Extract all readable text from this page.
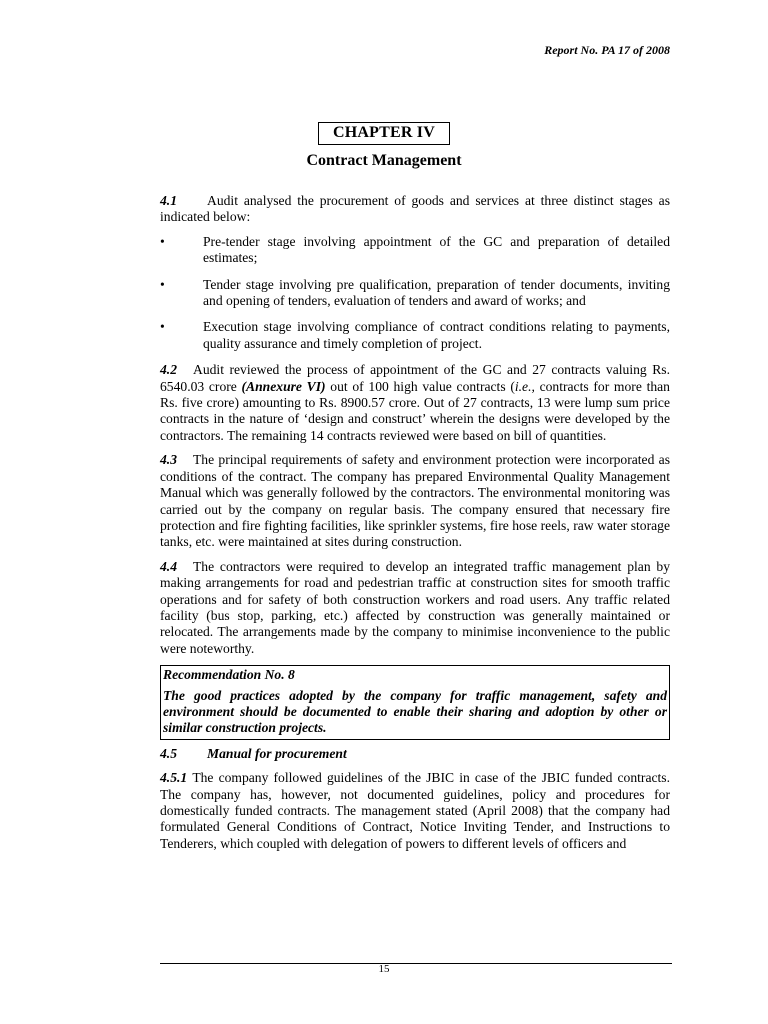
Report No. PA 17 of 2008
CHAPTER IV
Contract Management

4.1 Audit analysed the procurement of goods and services at three distinct stages as indicated below:

•	Pre-tender stage involving appointment of the GC and preparation of detailed estimates;
•	Tender stage involving pre qualification, preparation of tender documents, inviting and opening of tenders, evaluation of tenders and award of works; and
•	Execution stage involving compliance of contract conditions relating to payments, quality assurance and timely completion of project.

4.2 Audit reviewed the process of appointment of the GC and 27 contracts valuing Rs. 6540.03 crore (Annexure VI) out of 100 high value contracts (i.e., contracts for more than Rs. five crore) amounting to Rs. 8900.57 crore. Out of 27 contracts, 13 were lump sum price contracts in the nature of ‘design and construct’ wherein the designs were developed by the contractors. The remaining 14 contracts reviewed were based on bill of quantities.

4.3 The principal requirements of safety and environment protection were incorporated as conditions of the contract. The company has prepared Environmental Quality Management Manual which was generally followed by the contractors. The environmental monitoring was carried out by the company on regular basis. The company ensured that necessary fire protection and fire fighting facilities, like sprinkler systems, fire hose reels, raw water storage tanks, etc. were maintained at sites during construction.

4.4 The contractors were required to develop an integrated traffic management plan by making arrangements for road and pedestrian traffic at construction sites for smooth traffic operations and for safety of both construction workers and road users. Any traffic related facility (bus stop, parking, etc.) affected by construction was generally maintained or relocated. The arrangements made by the company to minimise inconvenience to the public were noteworthy.

Recommendation No. 8
The good practices adopted by the company for traffic management, safety and environment should be documented to enable their sharing and adoption by other or similar construction projects.
4.5 Manual for procurement

4.5.1 The company followed guidelines of the JBIC in case of the JBIC funded contracts. The company has, however, not documented guidelines, policy and procedures for domestically funded contracts. The management stated (April 2008) that the company had formulated General Conditions of Contract, Notice Inviting Tender, and Instructions to Tenderers, which coupled with delegation of powers to different levels of officers and

15
